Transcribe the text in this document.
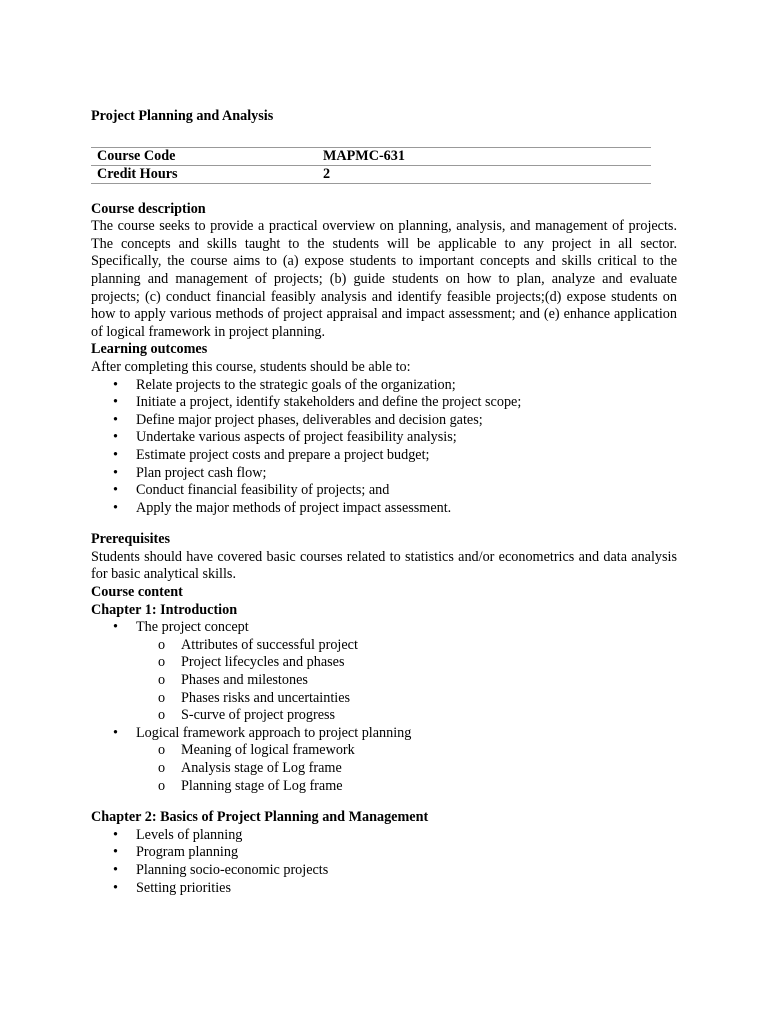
Project Planning and Analysis
Course Code	MAPMC-631
Credit Hours	2
Course description

The course seeks to provide a practical overview on planning, analysis, and management of projects. The concepts and skills taught to the students will be applicable to any project in all sector. Specifically, the course aims to (a) expose students to important concepts and skills critical to the planning and management of projects; (b) guide students on how to plan, analyze and evaluate projects; (c) conduct financial feasibly analysis and identify feasible projects;(d) expose students on how to apply various methods of project appraisal and impact assessment; and (e) enhance application of logical framework in project planning.

Learning outcomes
After completing this course, students should be able to:
• Relate projects to the strategic goals of the organization;
• Initiate a project, identify stakeholders and define the project scope;
• Define major project phases, deliverables and decision gates;
• Undertake various aspects of project feasibility analysis;
• Estimate project costs and prepare a project budget;
• Plan project cash flow;
• Conduct financial feasibility of projects; and
• Apply the major methods of project impact assessment.
Prerequisites

Students should have covered basic courses related to statistics and/or econometrics and data analysis for basic analytical skills.

Course content
Chapter 1: Introduction
• The project concept
o Attributes of successful project
o Project lifecycles and phases
o Phases and milestones
o Phases risks and uncertainties
o S-curve of project progress
• Logical framework approach to project planning
o Meaning of logical framework
o Analysis stage of Log frame
o Planning stage of Log frame
Chapter 2: Basics of Project Planning and Management
• Levels of planning
• Program planning
• Planning socio-economic projects
• Setting priorities
